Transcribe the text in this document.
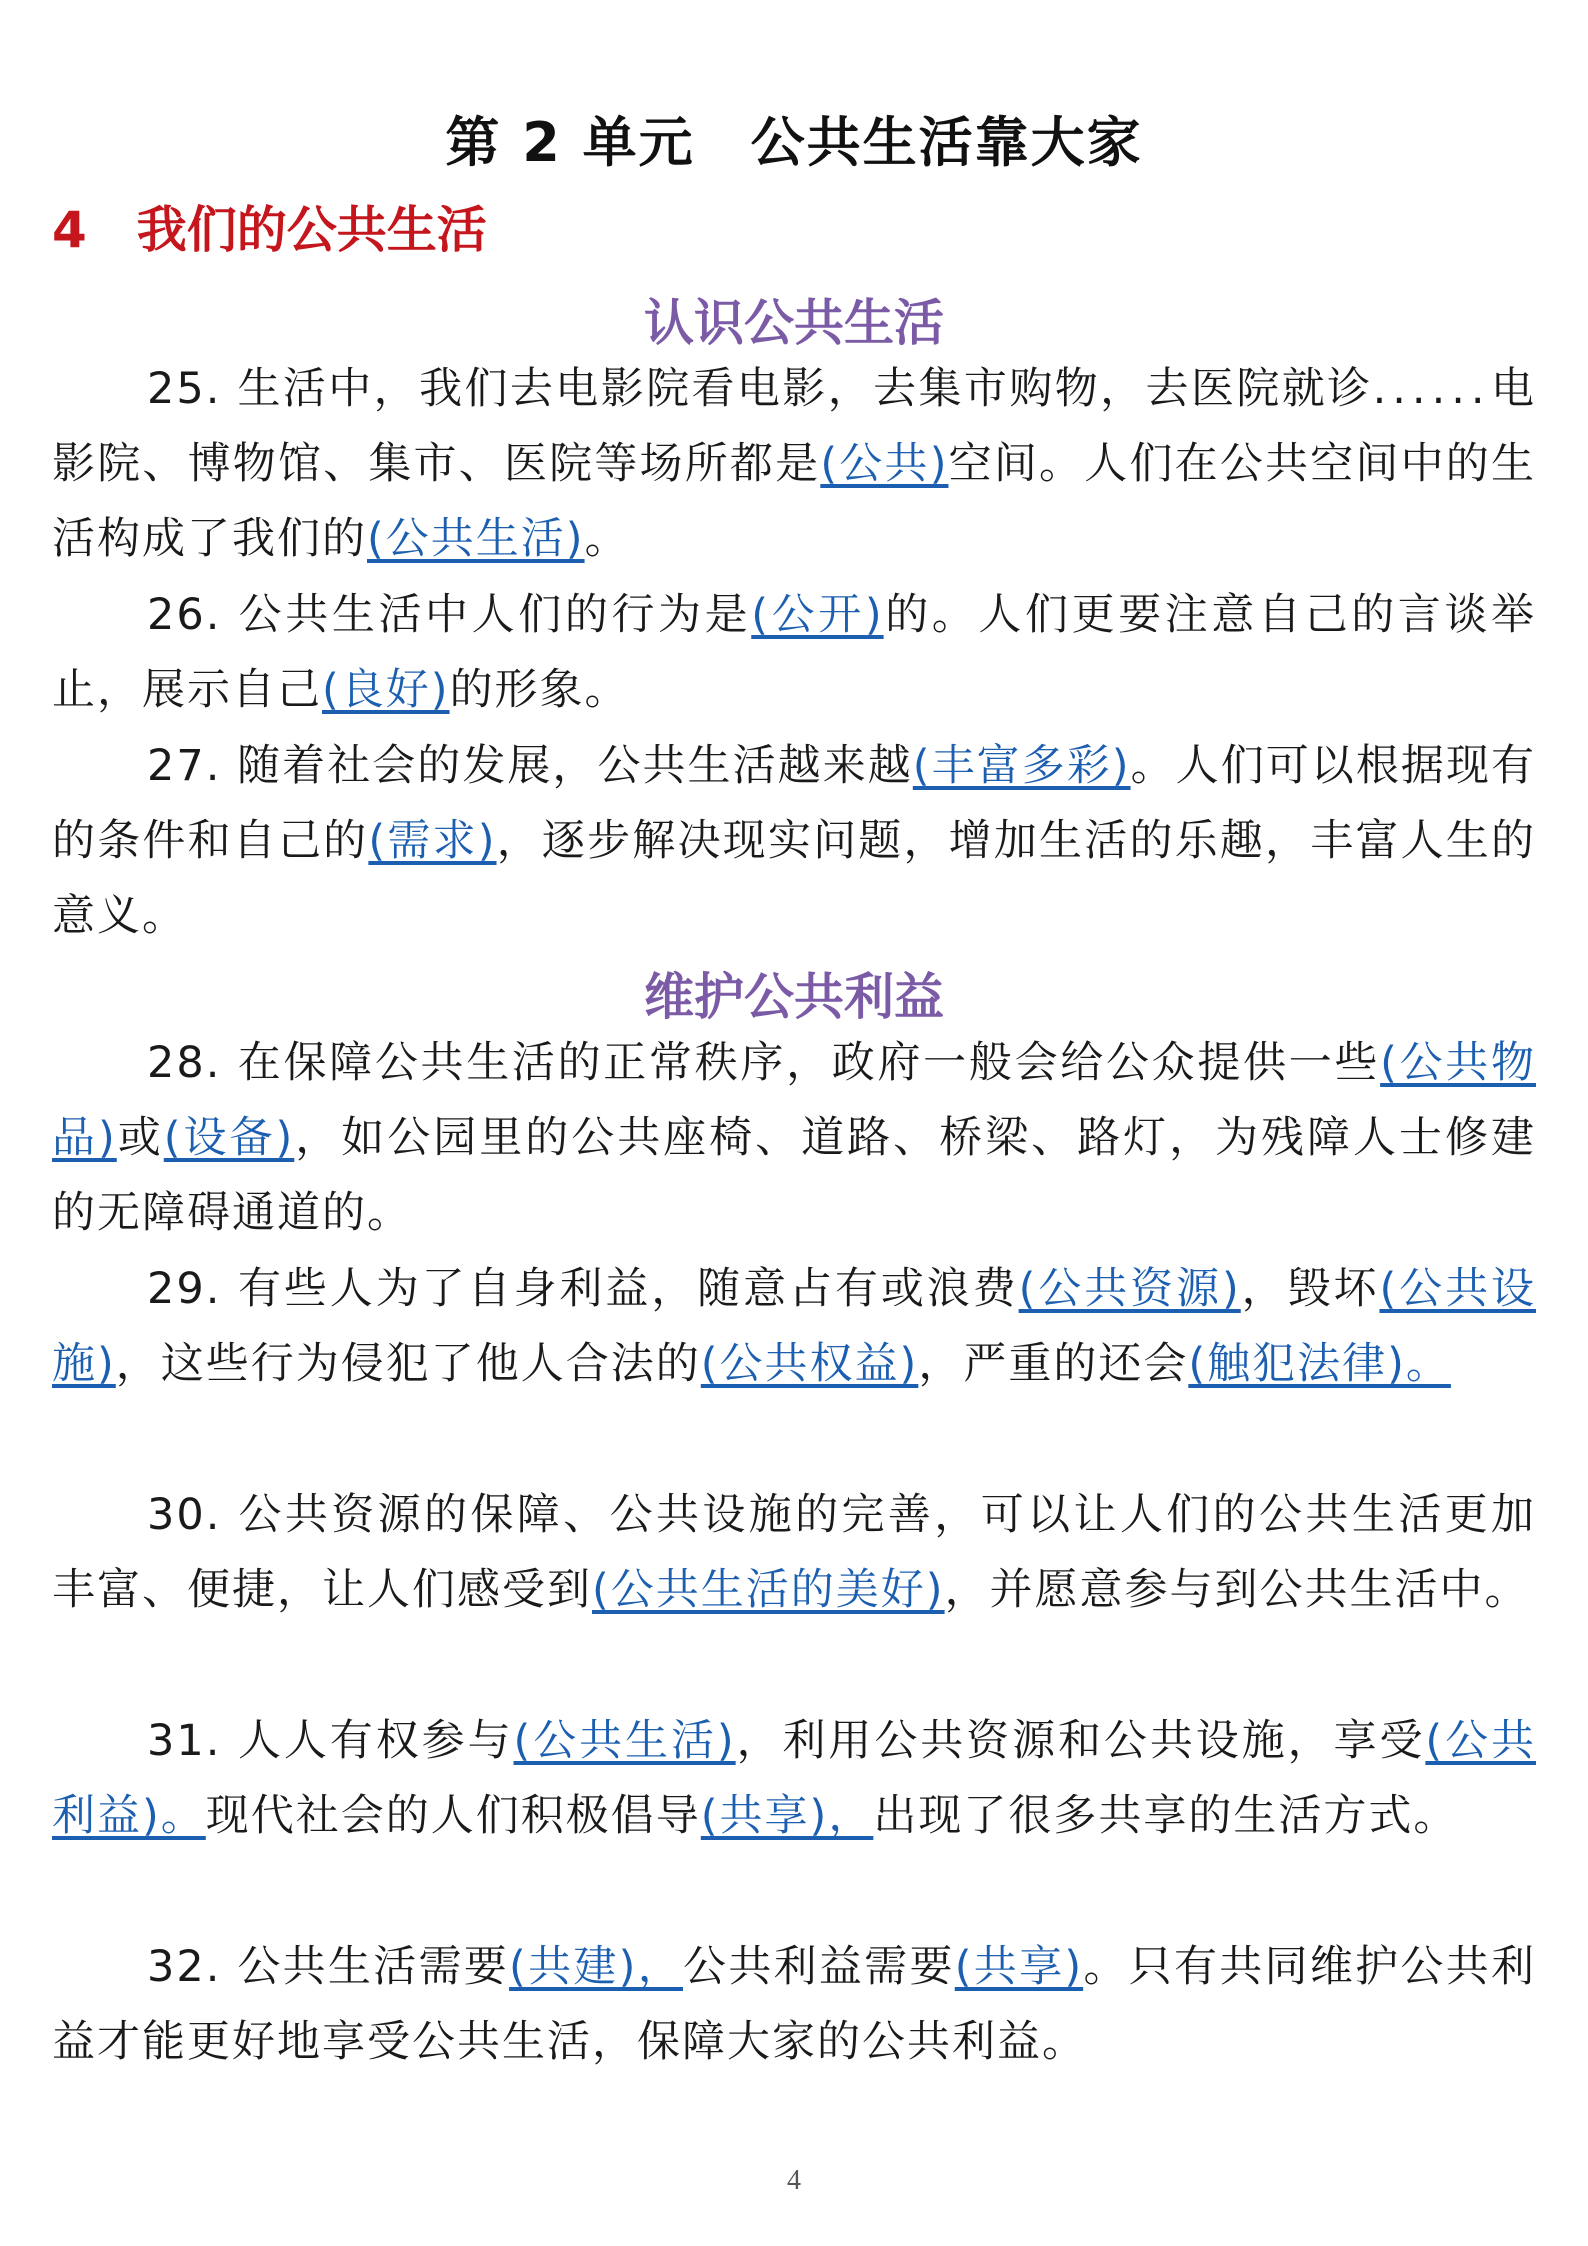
第 2 单元　公共生活靠大家
4　我们的公共生活
认识公共生活
25. 生活中，我们去电影院看电影，去集市购物，去医院就诊......电影院、博物馆、集市、医院等场所都是(公共)空间。人们在公共空间中的生活构成了我们的(公共生活)。
26. 公共生活中人们的行为是(公开)的。人们更要注意自己的言谈举止，展示自己(良好)的形象。
27. 随着社会的发展，公共生活越来越(丰富多彩)。人们可以根据现有的条件和自己的(需求)，逐步解决现实问题，增加生活的乐趣，丰富人生的意义。
维护公共利益
28. 在保障公共生活的正常秩序，政府一般会给公众提供一些(公共物品)或(设备)，如公园里的公共座椅、道路、桥梁、路灯，为残障人士修建的无障碍通道的。
29. 有些人为了自身利益，随意占有或浪费(公共资源)，毁坏(公共设施)，这些行为侵犯了他人合法的(公共权益)，严重的还会(触犯法律)。
30. 公共资源的保障、公共设施的完善，可以让人们的公共生活更加丰富、便捷，让人们感受到(公共生活的美好)，并愿意参与到公共生活中。
31. 人人有权参与(公共生活)，利用公共资源和公共设施，享受(公共利益)。现代社会的人们积极倡导(共享)，出现了很多共享的生活方式。
32. 公共生活需要(共建)，公共利益需要(共享)。只有共同维护公共利益才能更好地享受公共生活，保障大家的公共利益。
4
